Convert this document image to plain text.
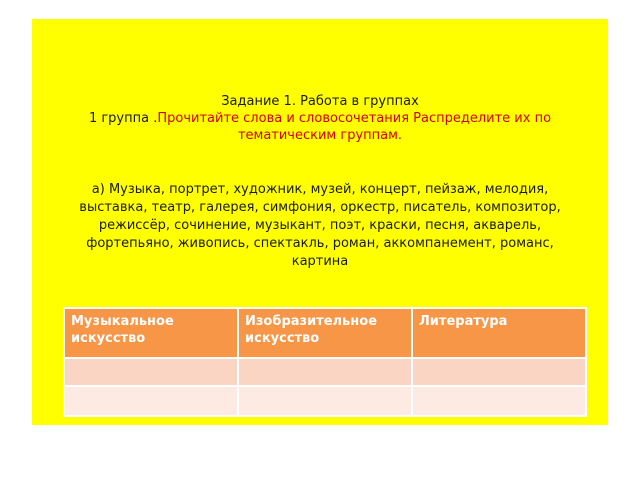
Задание 1. Работа в группах
1 группа .Прочитайте слова и словосочетания Распределите их по
тематическим группам.
а) Музыка, портрет, художник, музей, концерт, пейзаж, мелодия,
выставка, театр, галерея, симфония, оркестр, писатель, композитор,
режиссёр, сочинение, музыкант, поэт, краски, песня, акварель,
фортепьяно, живопись, спектакль, роман, аккомпанемент, романс,
картина
Музыкальное искусство	Изобразительное искусство	Литература
